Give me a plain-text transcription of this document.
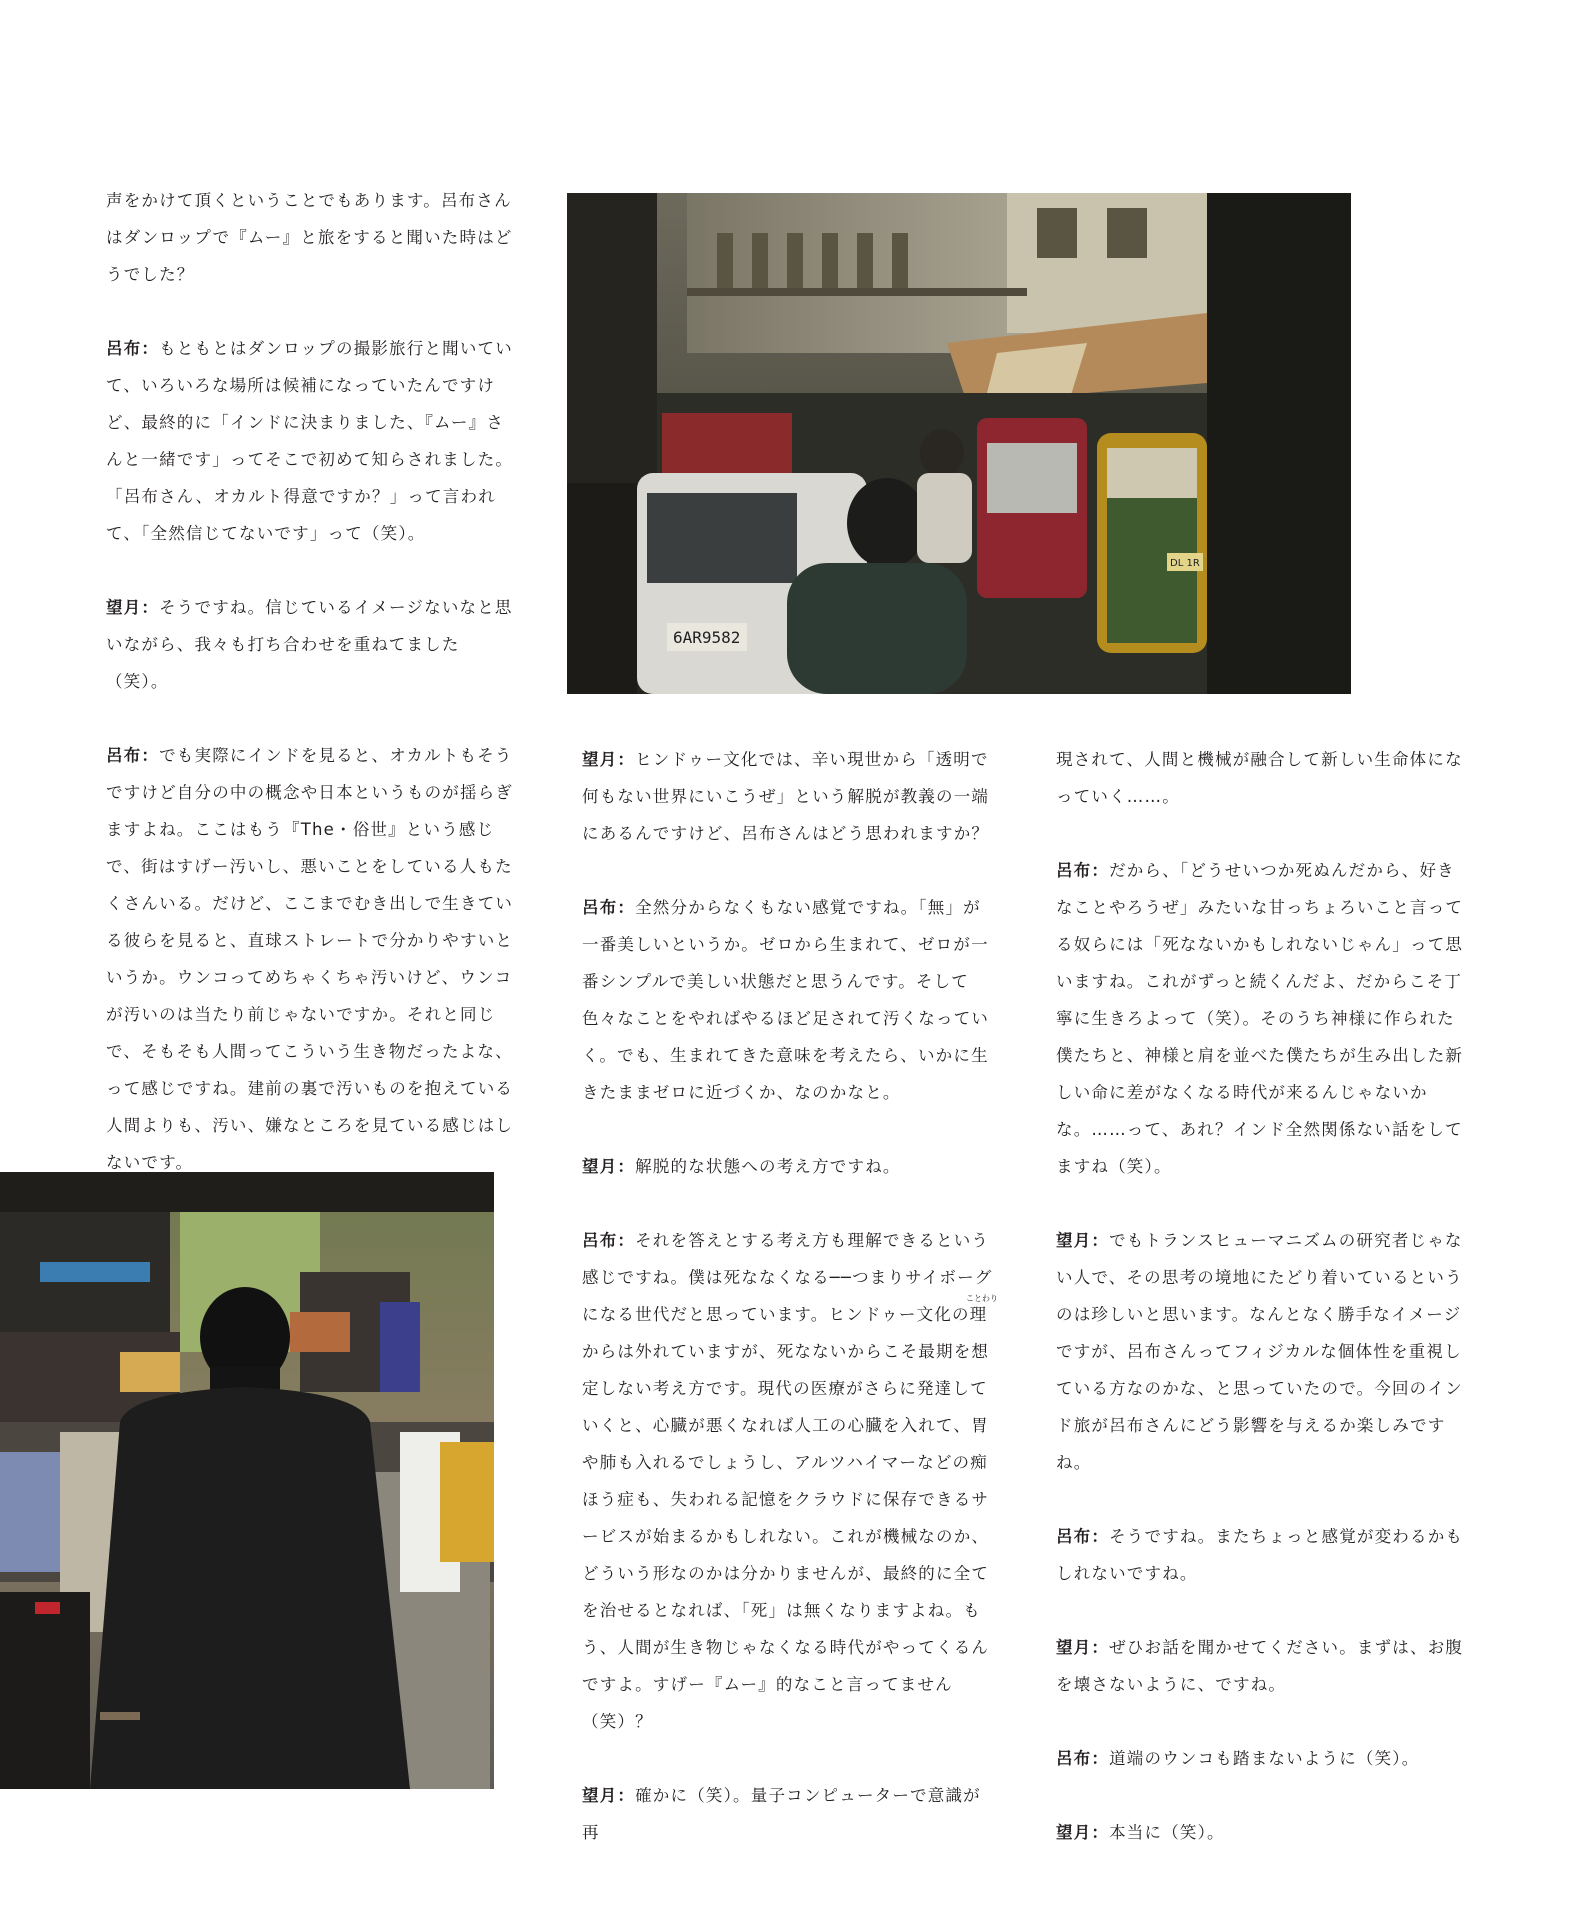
6AR9582
DL 1R

声をかけて頂くということでもあります。呂布さんはダンロップで『ムー』と旅をすると聞いた時はどうでした？

呂布：もともとはダンロップの撮影旅行と聞いていて、いろいろな場所は候補になっていたんですけど、最終的に「インドに決まりました、『ムー』さんと一緒です」ってそこで初めて知らされました。「呂布さん、オカルト得意ですか？」って言われて、「全然信じてないです」って（笑）。

望月：そうですね。信じているイメージないなと思いながら、我々も打ち合わせを重ねてました（笑）。

呂布：でも実際にインドを見ると、オカルトもそうですけど自分の中の概念や日本というものが揺らぎますよね。ここはもう『The・俗世』という感じで、街はすげー汚いし、悪いことをしている人もたくさんいる。だけど、ここまでむき出しで生きている彼らを見ると、直球ストレートで分かりやすいというか。ウンコってめちゃくちゃ汚いけど、ウンコが汚いのは当たり前じゃないですか。それと同じで、そもそも人間ってこういう生き物だったよな、って感じですね。建前の裏で汚いものを抱えている人間よりも、汚い、嫌なところを見ている感じはしないです。

望月：ヒンドゥー文化では、辛い現世から「透明で何もない世界にいこうぜ」という解脱が教義の一端にあるんですけど、呂布さんはどう思われますか？

呂布：全然分からなくもない感覚ですね。「無」が一番美しいというか。ゼロから生まれて、ゼロが一番シンプルで美しい状態だと思うんです。そして色々なことをやればやるほど足されて汚くなっていく。でも、生まれてきた意味を考えたら、いかに生きたままゼロに近づくか、なのかなと。

望月：解脱的な状態への考え方ですね。

呂布：それを答えとする考え方も理解できるという感じですね。僕は死ななくなる──つまりサイボーグになる世代だと思っています。ヒンドゥー文化の理からは外れていますが、死なないからこそ最期を想定しない考え方です。現代の医療がさらに発達していくと、心臓が悪くなれば人工の心臓を入れて、胃や肺も入れるでしょうし、アルツハイマーなどの痴ほう症も、失われる記憶をクラウドに保存できるサービスが始まるかもしれない。これが機械なのか、どういう形なのかは分かりませんが、最終的に全てを治せるとなれば、「死」は無くなりますよね。もう、人間が生き物じゃなくなる時代がやってくるんですよ。すげー『ムー』的なこと言ってません（笑）？

望月：確かに（笑）。量子コンピューターで意識が再

ことわり

現されて、人間と機械が融合して新しい生命体になっていく……。

呂布：だから、「どうせいつか死ぬんだから、好きなことやろうぜ」みたいな甘っちょろいこと言ってる奴らには「死なないかもしれないじゃん」って思いますね。これがずっと続くんだよ、だからこそ丁寧に生きろよって（笑）。そのうち神様に作られた僕たちと、神様と肩を並べた僕たちが生み出した新しい命に差がなくなる時代が来るんじゃないかな。……って、あれ？インド全然関係ない話をしてますね（笑）。

望月：でもトランスヒューマニズムの研究者じゃない人で、その思考の境地にたどり着いているというのは珍しいと思います。なんとなく勝手なイメージですが、呂布さんってフィジカルな個体性を重視している方なのかな、と思っていたので。今回のインド旅が呂布さんにどう影響を与えるか楽しみですね。

呂布：そうですね。またちょっと感覚が変わるかもしれないですね。

望月：ぜひお話を聞かせてください。まずは、お腹を壊さないように、ですね。

呂布：道端のウンコも踏まないように（笑）。

望月：本当に（笑）。
